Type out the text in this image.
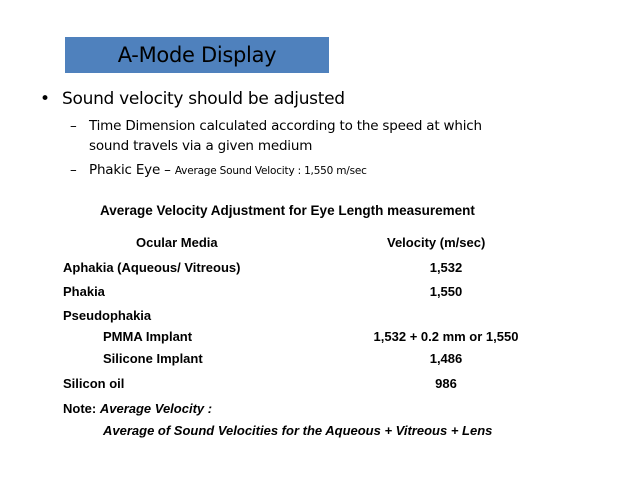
A-Mode Display
• Sound velocity should be adjusted
– Time Dimension calculated according to the speed at which
sound travels via a given medium
– Phakic Eye – Average Sound Velocity : 1,550 m/sec
Average Velocity Adjustment for Eye Length measurement
Ocular Media	Velocity (m/sec)
Aphakia (Aqueous/ Vitreous)	1,532
Phakia	1,550
Pseudophakia
PMMA Implant	1,532 + 0.2 mm or 1,550
Silicone Implant	1,486
Silicon oil	986
Note: Average Velocity :
Average of Sound Velocities for the Aqueous + Vitreous + Lens
